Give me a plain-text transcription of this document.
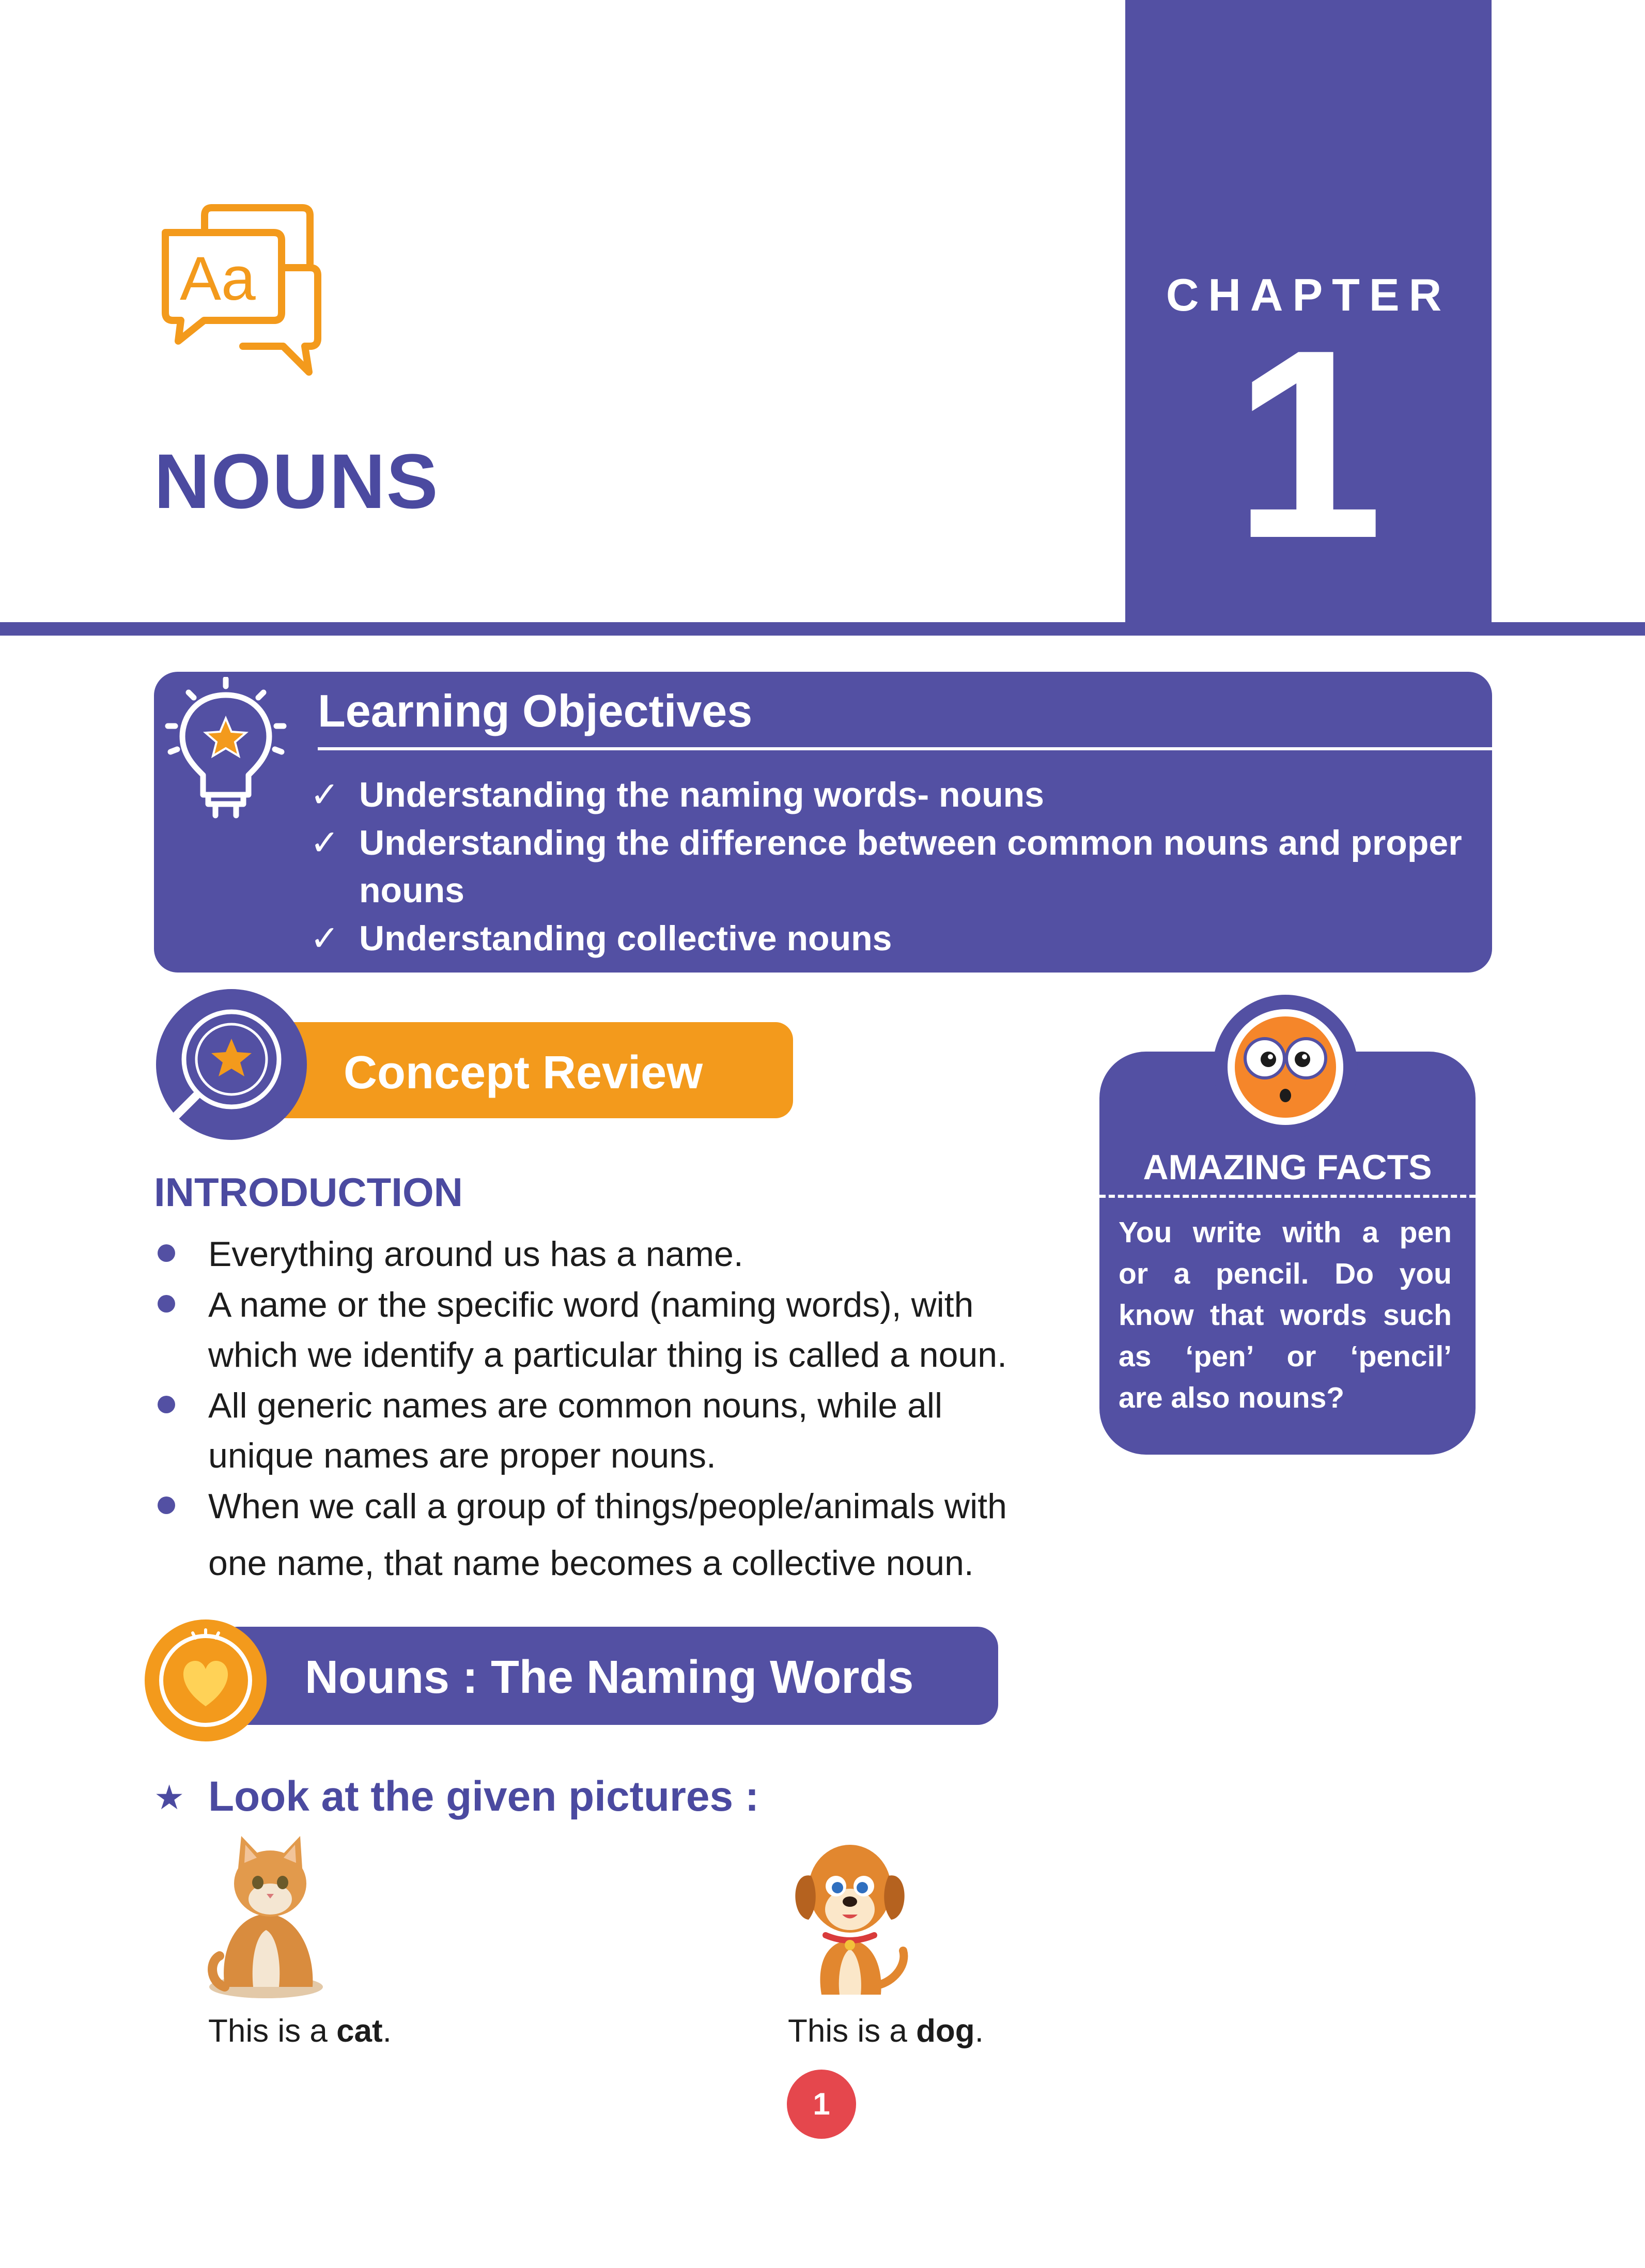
CHAPTER
1
Aa
NOUNS
Learning Objectives
✓ Understanding the naming words- nouns
✓ Understanding the difference between common nouns and proper
nouns
✓ Understanding collective nouns
Concept Review
INTRODUCTION
Everything around us has a name.
A name or the specific word (naming words), with
which we identify a particular thing is called a noun.
All generic names are common nouns, while all
unique names are proper nouns.
When we call a group of things/people/animals with
one name, that name becomes a collective noun.
AMAZING FACTS
You write with a pen
or a pencil. Do you
know that words such
as ‘pen’ or ‘pencil’
are also nouns?
Nouns : The Naming Words
★ Look at the given pictures :
This is a cat.	This is a dog.
1
